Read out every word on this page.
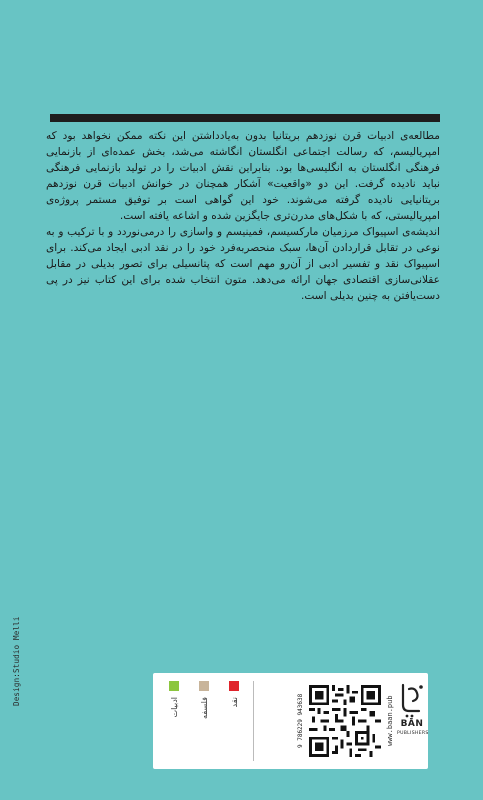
مطالعه‌ی ادبیات قرن نوزدهم بریتانیا بدون به‌یادداشتن این نکته ممکن نخواهد بود که امپریالیسم، که رسالت اجتماعی انگلستان انگاشته می‌شد، بخش عمده‌ای از بازنمایی فرهنگی انگلستان به انگلیسی‌ها بود. بنابراین نقش ادبیات را در تولید بازنمایی فرهنگی نباید نادیده گرفت. این دو «واقعیت» آشکار همچنان در خوانش ادبیات قرن نوزدهم بریتانیایی نادیده گرفته می‌شوند. خود این گواهی است بر توفیق مستمر پروژه‌ی امپریالیستی، که با شکل‌های مدرن‌تری جایگزین شده و اشاعه یافته است.

اندیشه‌ی اسپیواک مرزمیان مارکسیسم، فمینیسم و واسازی را درمی‌نوردد و با ترکیب و به نوعی در تقابل قراردادن آن‌ها، سبک منحصربه‌فرد خود را در نقد ادبی ایجاد می‌کند. برای اسپیواک نقد و تفسیر ادبی از آن‌رو مهم است که پتانسیلی برای تصور بدیلی در مقابل عقلانی‌سازی اقتصادی جهان ارائه می‌دهد. متون انتخاب شده برای این کتاب نیز در پی دست‌یافتن به چنین بدیلی است.

Design:Studio Melli
ادبیات	فلسفه	نقد	9 786229 943638	www.baan.pub BĀN
PUBLISHERS
